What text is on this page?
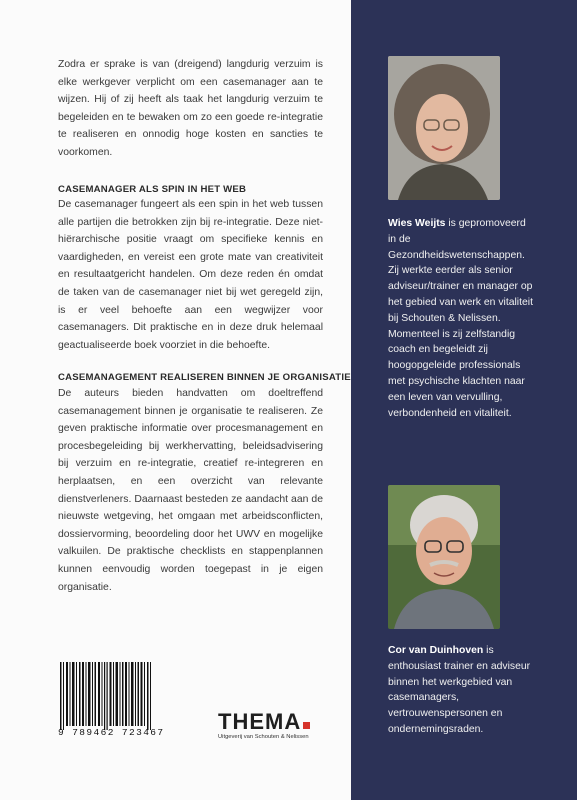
Zodra er sprake is van (dreigend) langdurig verzuim is elke werkgever verplicht om een casemanager aan te wijzen. Hij of zij heeft als taak het langdurig verzuim te begeleiden en te bewaken om zo een goede re-integratie te realiseren en onnodig hoge kosten en sancties te voorkomen.

CASEMANAGER ALS SPIN IN HET WEB

De casemanager fungeert als een spin in het web tussen alle partijen die betrokken zijn bij re-integratie. Deze niet-hiërarchische positie vraagt om specifieke kennis en vaardigheden, en vereist een grote mate van creativiteit en resultaatgericht handelen. Om deze reden én omdat de taken van de casemanager niet bij wet geregeld zijn, is er veel behoefte aan een wegwijzer voor casemanagers. Dit praktische en in deze druk helemaal geactualiseerde boek voorziet in die behoefte.

CASEMANAGEMENT REALISEREN BINNEN JE ORGANISATIE

De auteurs bieden handvatten om doeltreffend casemanagement binnen je organisatie te realiseren. Ze geven praktische informatie over procesmanagement en procesbegeleiding bij werkhervatting, beleidsadvisering bij verzuim en re-integratie, creatief re-integreren en herplaatsen, en een overzicht van relevante dienstverleners. Daarnaast besteden ze aandacht aan de nieuwste wetgeving, het omgaan met arbeidsconflicten, dossiervorming, beoordeling door het UWV en mogelijke valkuilen. De praktische checklists en stappenplannen kunnen eenvoudig worden toegepast in je eigen organisatie.

Wies Weijts is gepromoveerd in de Gezondheidswetenschappen. Zij werkte eerder als senior adviseur/trainer en manager op het gebied van werk en vitaliteit bij Schouten & Nelissen. Momenteel is zij zelfstandig coach en begeleidt zij hoogopgeleide professionals met psychische klachten naar een leven van vervulling, verbondenheid en vitaliteit.

Cor van Duinhoven is enthousiast trainer en adviseur binnen het werkgebied van casemanagers, vertrouwenspersonen en ondernemingsraden.

9 789462 723467 THEMA
Uitgeverij van Schouten & Nelissen
